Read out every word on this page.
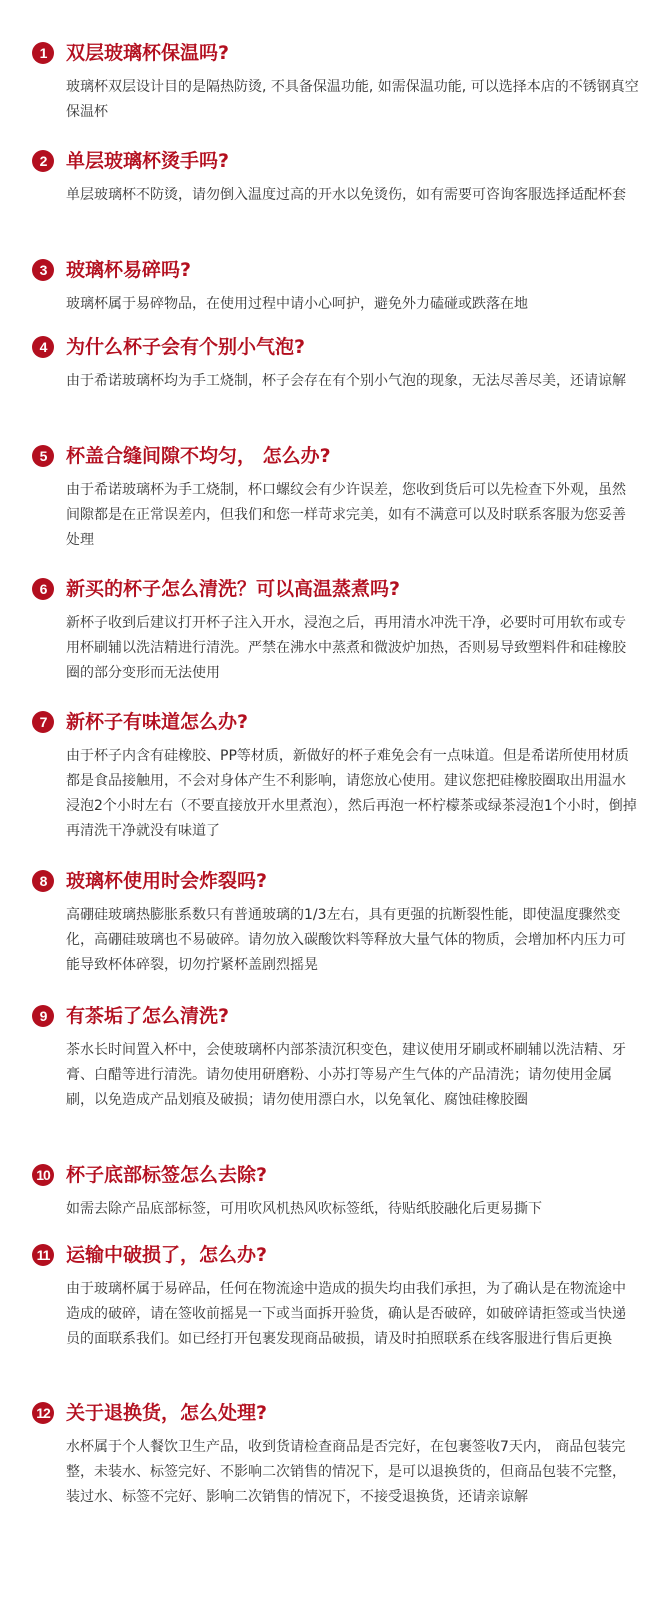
1	双层玻璃杯保温吗?

玻璃杯双层设计目的是隔热防烫, 不具备保温功能, 如需保温功能, 可以选择本店的不锈钢真空保温杯

2	单层玻璃杯烫手吗?

单层玻璃杯不防烫，请勿倒入温度过高的开水以免烫伤，如有需要可咨询客服选择适配杯套

3	玻璃杯易碎吗?

玻璃杯属于易碎物品，在使用过程中请小心呵护，避免外力磕碰或跌落在地

4	为什么杯子会有个别小气泡?

由于希诺玻璃杯均为手工烧制，杯子会存在有个别小气泡的现象，无法尽善尽美，还请谅解

5	杯盖合缝间隙不均匀， 怎么办?

由于希诺玻璃杯为手工烧制，杯口螺纹会有少许误差，您收到货后可以先检查下外观，虽然间隙都是在正常误差内，但我们和您一样苛求完美，如有不满意可以及时联系客服为您妥善处理

6	新买的杯子怎么清洗？可以高温蒸煮吗?

新杯子收到后建议打开杯子注入开水，浸泡之后，再用清水冲洗干净，必要时可用软布或专用杯刷辅以洗洁精进行清洗。严禁在沸水中蒸煮和微波炉加热，否则易导致塑料件和硅橡胶圈的部分变形而无法使用

7	新杯子有味道怎么办?

由于杯子内含有硅橡胶、PP等材质，新做好的杯子难免会有一点味道。但是希诺所使用材质都是食品接触用，不会对身体产生不利影响，请您放心使用。建议您把硅橡胶圈取出用温水浸泡2个小时左右（不要直接放开水里煮泡），然后再泡一杯柠檬茶或绿茶浸泡1个小时，倒掉再清洗干净就没有味道了

8	玻璃杯使用时会炸裂吗?

高硼硅玻璃热膨胀系数只有普通玻璃的1/3左右，具有更强的抗断裂性能，即使温度骤然变化，高硼硅玻璃也不易破碎。请勿放入碳酸饮料等释放大量气体的物质，会增加杯内压力可能导致杯体碎裂，切勿拧紧杯盖剧烈摇晃

9	有茶垢了怎么清洗?

茶水长时间置入杯中，会使玻璃杯内部茶渍沉积变色，建议使用牙刷或杯刷辅以洗洁精、牙膏、白醋等进行清洗。请勿使用研磨粉、小苏打等易产生气体的产品清洗；请勿使用金属刷，以免造成产品划痕及破损；请勿使用漂白水，以免氧化、腐蚀硅橡胶圈

10 杯子底部标签怎么去除?

如需去除产品底部标签，可用吹风机热风吹标签纸，待贴纸胶融化后更易撕下

11 运输中破损了，怎么办?

由于玻璃杯属于易碎品，任何在物流途中造成的损失均由我们承担，为了确认是在物流途中造成的破碎，请在签收前摇晃一下或当面拆开验货，确认是否破碎，如破碎请拒签或当快递员的面联系我们。如已经打开包裹发现商品破损，请及时拍照联系在线客服进行售后更换

12 关于退换货，怎么处理?

水杯属于个人餐饮卫生产品，收到货请检查商品是否完好，在包裹签收7天内， 商品包装完整，未装水、标签完好、不影响二次销售的情况下，是可以退换货的，但商品包装不完整，装过水、标签不完好、影响二次销售的情况下，不接受退换货，还请亲谅解
